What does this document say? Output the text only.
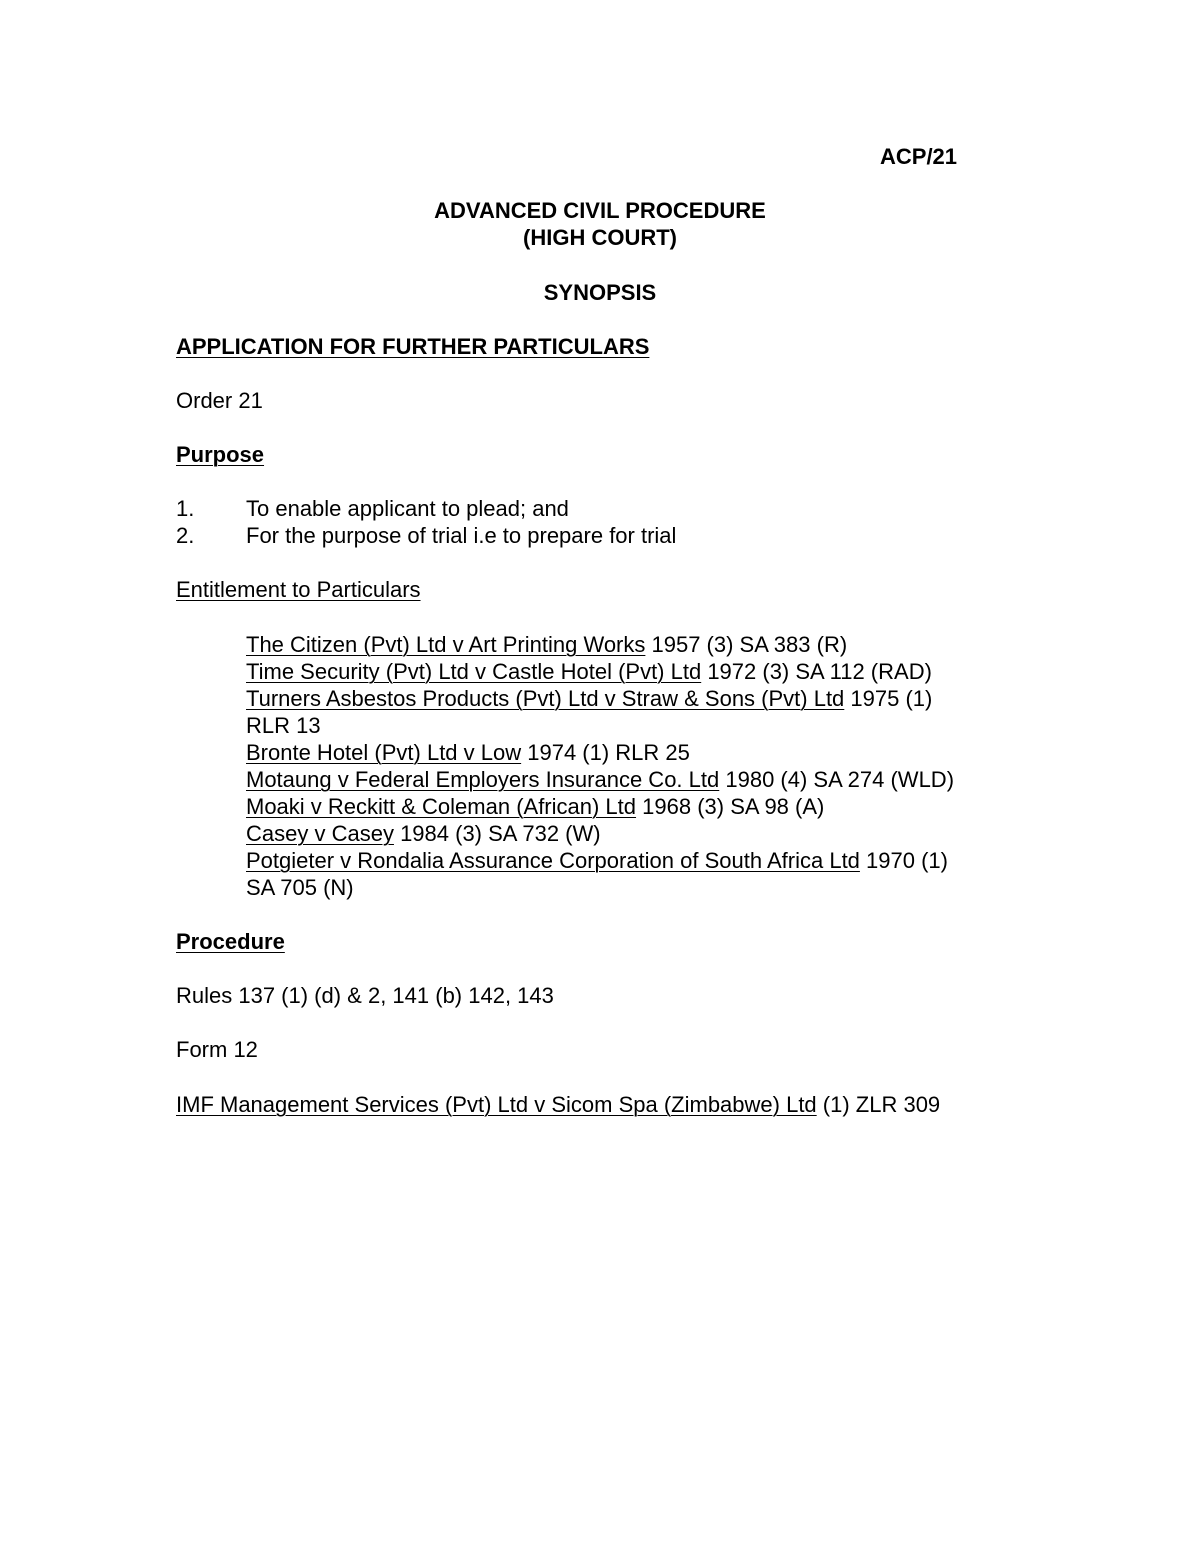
ACP/21
ADVANCED CIVIL PROCEDURE
(HIGH COURT)
SYNOPSIS
APPLICATION FOR FURTHER PARTICULARS
Order 21
Purpose
1. To enable applicant to plead; and
2. For the purpose of trial i.e to prepare for trial
Entitlement to Particulars
The Citizen (Pvt) Ltd v Art Printing Works 1957 (3) SA 383 (R)
Time Security (Pvt) Ltd v Castle Hotel (Pvt) Ltd 1972 (3) SA 112 (RAD)
Turners Asbestos Products (Pvt) Ltd v Straw & Sons (Pvt) Ltd 1975 (1)
RLR 13
Bronte Hotel (Pvt) Ltd v Low 1974 (1) RLR 25
Motaung v Federal Employers Insurance Co. Ltd 1980 (4) SA 274 (WLD)
Moaki v Reckitt & Coleman (African) Ltd 1968 (3) SA 98 (A)
Casey v Casey 1984 (3) SA 732 (W)
Potgieter v Rondalia Assurance Corporation of South Africa Ltd 1970 (1)
SA 705 (N)
Procedure
Rules 137 (1) (d) & 2, 141 (b) 142, 143
Form 12
IMF Management Services (Pvt) Ltd v Sicom Spa (Zimbabwe) Ltd (1) ZLR 309
